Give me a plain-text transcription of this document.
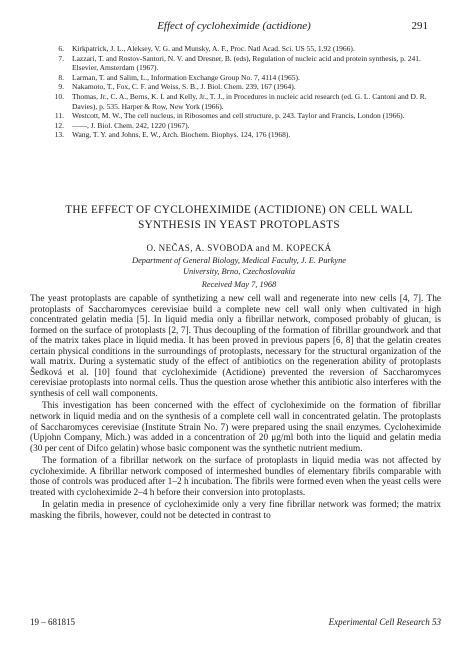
Effect of cycloheximide (actidione)	291
6. Kirkpatrick, J. L., Aleksey, V. G. and Munsky, A. F., Proc. Natl Acad. Sci. US 55, 1.92 (1966).
7. Lazzari, T. and Rostov-Santori, N. V. and Dresner, B. (eds), Regulation of nucleic acid and protein synthesis, p. 241. Elsevier, Amsterdam (1967).
8. Larman, T. and Salim, L., Information Exchange Group No. 7, 4114 (1965).
9. Nakamoto, T., Fox, C. F. and Weiss, S. B., J. Biol. Chem. 239, 167 (1964).
10. Thomas, Jr., C. A., Berns, K. I. and Kelly, Jr., T. J., in Procedures in nucleic acid research (ed. G. L. Cantoni and D. R. Davies), p. 535. Harper & Row, New York (1966).
11. Westcott, M. W., The cell nucleus, in Ribosomes and cell structure, p. 243. Taylor and Francis, London (1966).
12. ——, J. Biol. Chem. 242, 1220 (1967).
13. Wang, T. Y. and Johns, E. W., Arch. Biochem. Biophys. 124, 176 (1968).
THE EFFECT OF CYCLOHEXIMIDE (ACTIDIONE) ON CELL WALL
SYNTHESIS IN YEAST PROTOPLASTS
O. NEČAS, A. SVOBODA and M. KOPECKÁ
Department of General Biology, Medical Faculty, J. E. Purkyne
University, Brno, Czechoslovakia
Received May 7, 1968

The yeast protoplasts are capable of synthetizing a new cell wall and regenerate into new cells [4, 7]. The protoplasts of Saccharomyces cerevisiae build a complete new cell wall only when cultivated in high concentrated gelatin media [5]. In liquid media only a fibrillar network, composed probably of glucan, is formed on the surface of protoplasts [2, 7]. Thus decoupling of the formation of fibrillar groundwork and that of the matrix takes place in liquid media. It has been proved in previous papers [6, 8] that the gelatin creates certain physical conditions in the surroundings of protoplasts, necessary for the structural organization of the wall matrix. During a systematic study of the effect of antibiotics on the regeneration ability of protoplasts Šedková et al. [10] found that cycloheximide (Actidione) prevented the reversion of Saccharomyces cerevisiae protoplasts into normal cells. Thus the question arose whether this antibiotic also interferes with the synthesis of cell wall components.

This investigation has been concerned with the effect of cycloheximide on the formation of fibrillar network in liquid media and on the synthesis of a complete cell wall in concentrated gelatin. The protoplasts of Saccharomyces cerevisiae (Institute Strain No. 7) were prepared using the snail enzymes. Cycloheximide (Upjohn Company, Mich.) was added in a concentration of 20 μg/ml both into the liquid and gelatin media (30 per cent of Difco gelatin) whose basic component was the synthetic nutrient medium.

The formation of a fibrillar network on the surface of protoplasts in liquid media was not affected by cycloheximide. A fibrillar network composed of intermeshed bundles of elementary fibrils comparable with those of controls was produced after 1–2 h incubation. The fibrils were formed even when the yeast cells were treated with cycloheximide 2–4 h before their conversion into protoplasts.

In gelatin media in presence of cycloheximide only a very fine fibrillar network was formed; the matrix masking the fibrils, however, could not be detected in contrast to

19 – 681815	Experimental Cell Research 53
